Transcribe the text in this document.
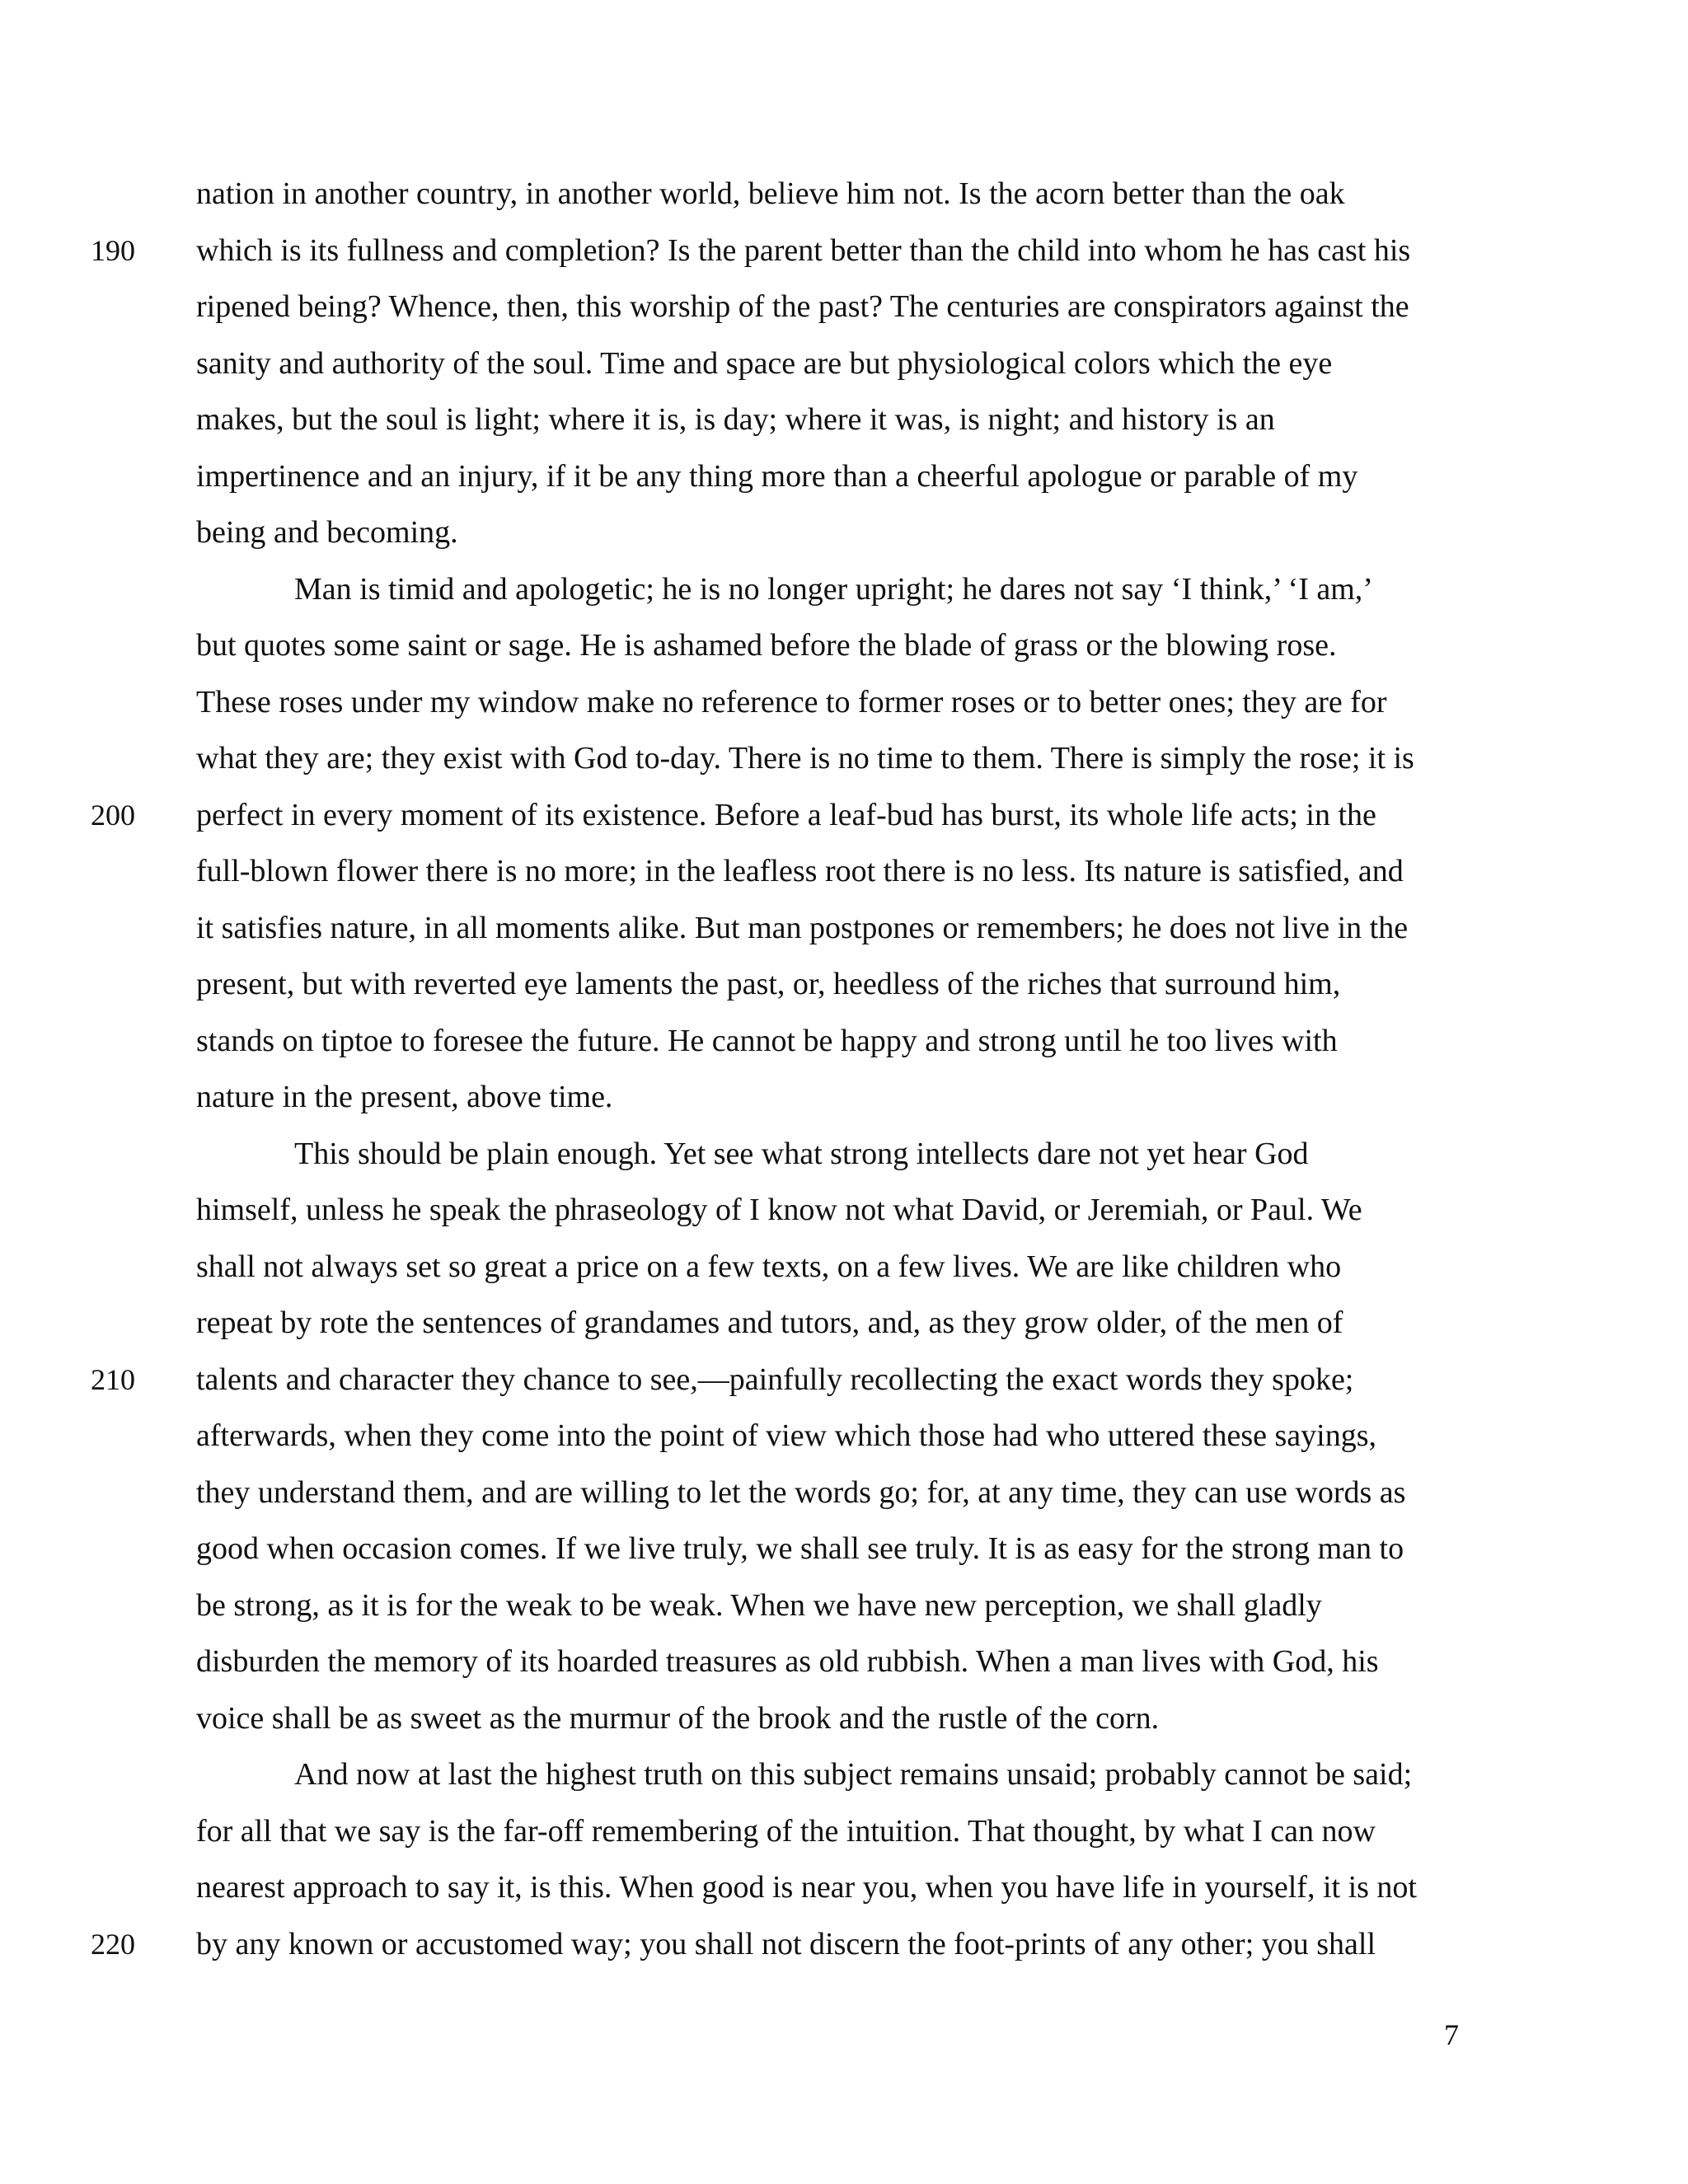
nation in another country, in another world, believe him not. Is the acorn better than the oak
190	which is its fullness and completion? Is the parent better than the child into whom he has cast his
ripened being? Whence, then, this worship of the past? The centuries are conspirators against the
sanity and authority of the soul. Time and space are but physiological colors which the eye
makes, but the soul is light; where it is, is day; where it was, is night; and history is an
impertinence and an injury, if it be any thing more than a cheerful apologue or parable of my
being and becoming.
Man is timid and apologetic; he is no longer upright; he dares not say ‘I think,’ ‘I am,’
but quotes some saint or sage. He is ashamed before the blade of grass or the blowing rose.
These roses under my window make no reference to former roses or to better ones; they are for
what they are; they exist with God to-day. There is no time to them. There is simply the rose; it is
200	perfect in every moment of its existence. Before a leaf-bud has burst, its whole life acts; in the
full-blown flower there is no more; in the leafless root there is no less. Its nature is satisfied, and
it satisfies nature, in all moments alike. But man postpones or remembers; he does not live in the
present, but with reverted eye laments the past, or, heedless of the riches that surround him,
stands on tiptoe to foresee the future. He cannot be happy and strong until he too lives with
nature in the present, above time.
This should be plain enough. Yet see what strong intellects dare not yet hear God
himself, unless he speak the phraseology of I know not what David, or Jeremiah, or Paul. We
shall not always set so great a price on a few texts, on a few lives. We are like children who
repeat by rote the sentences of grandames and tutors, and, as they grow older, of the men of
210	talents and character they chance to see,—painfully recollecting the exact words they spoke;
afterwards, when they come into the point of view which those had who uttered these sayings,
they understand them, and are willing to let the words go; for, at any time, they can use words as
good when occasion comes. If we live truly, we shall see truly. It is as easy for the strong man to
be strong, as it is for the weak to be weak. When we have new perception, we shall gladly
disburden the memory of its hoarded treasures as old rubbish. When a man lives with God, his
voice shall be as sweet as the murmur of the brook and the rustle of the corn.
And now at last the highest truth on this subject remains unsaid; probably cannot be said;
for all that we say is the far-off remembering of the intuition. That thought, by what I can now
nearest approach to say it, is this. When good is near you, when you have life in yourself, it is not
220	by any known or accustomed way; you shall not discern the foot-prints of any other; you shall
7
